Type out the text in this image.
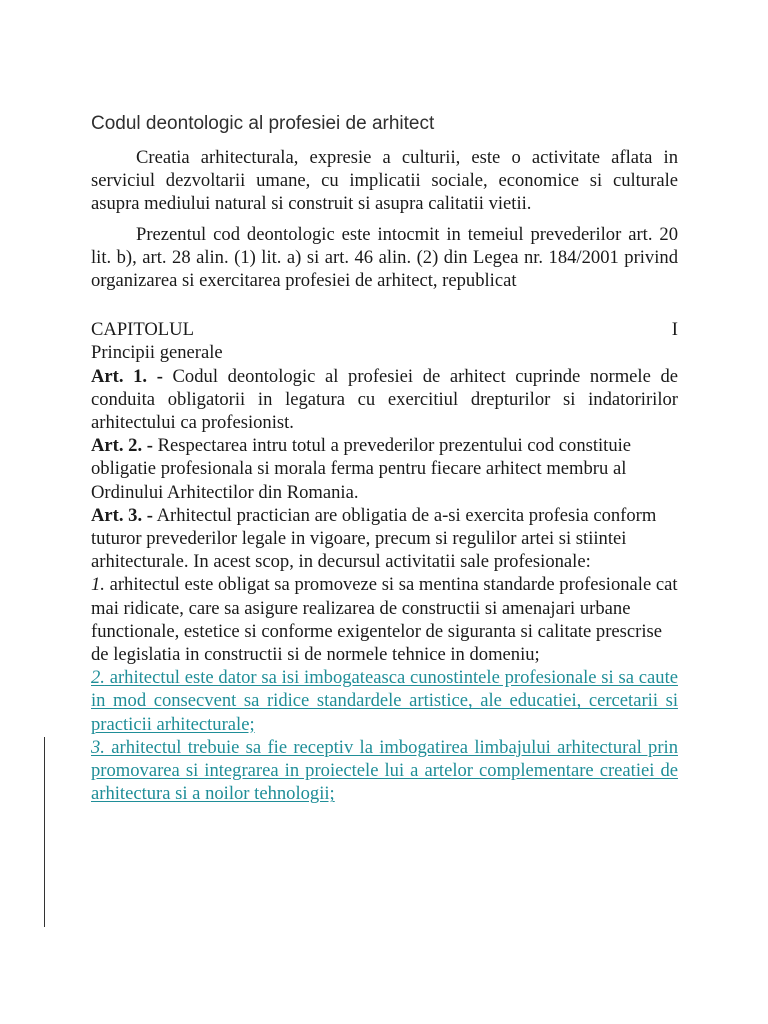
Codul deontologic al profesiei de arhitect

Creatia arhitecturala, expresie a culturii, este o activitate aflata in serviciul dezvoltarii umane, cu implicatii sociale, economice si culturale asupra mediului natural si construit si asupra calitatii vietii.

Prezentul cod deontologic este intocmit in temeiul prevederilor art. 20 lit. b), art. 28 alin. (1) lit. a) si art. 46 alin. (2) din Legea nr. 184/2001 privind organizarea si exercitarea profesiei de arhitect, republicat

CAPITOLUL	I

Principii generale

Art. 1. - Codul deontologic al profesiei de arhitect cuprinde normele de conduita obligatorii in legatura cu exercitiul drepturilor si indatoririlor arhitectului ca profesionist.

Art. 2. - Respectarea intru totul a prevederilor prezentului cod constituie obligatie profesionala si morala ferma pentru fiecare arhitect membru al Ordinului Arhitectilor din Romania.

Art. 3. - Arhitectul practician are obligatia de a-si exercita profesia conform tuturor prevederilor legale in vigoare, precum si regulilor artei si stiintei arhitecturale. In acest scop, in decursul activitatii sale profesionale:

1. arhitectul este obligat sa promoveze si sa mentina standarde profesionale cat mai ridicate, care sa asigure realizarea de constructii si amenajari urbane functionale, estetice si conforme exigentelor de siguranta si calitate prescrise de legislatia in constructii si de normele tehnice in domeniu;

2. arhitectul este dator sa isi imbogateasca cunostintele profesionale si sa caute in mod consecvent sa ridice standardele artistice, ale educatiei, cercetarii si practicii arhitecturale;

3. arhitectul trebuie sa fie receptiv la imbogatirea limbajului arhitectural prin promovarea si integrarea in proiectele lui a artelor complementare creatiei de arhitectura si a noilor tehnologii;
